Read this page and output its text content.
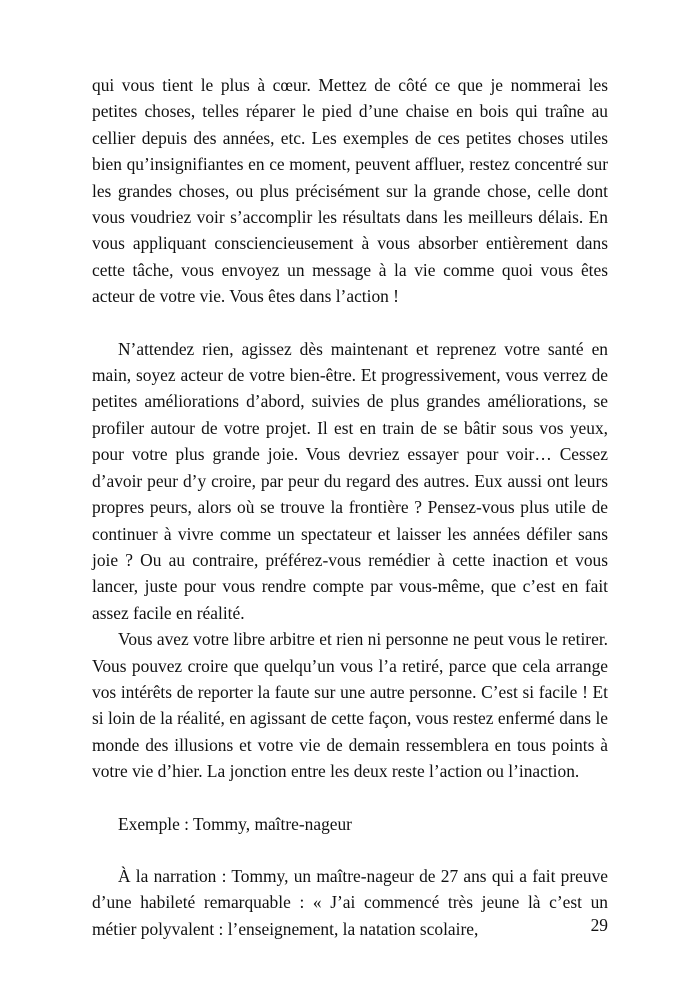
qui vous tient le plus à cœur. Mettez de côté ce que je nommerai les petites choses, telles réparer le pied d’une chaise en bois qui traîne au cellier depuis des années, etc. Les exemples de ces petites choses utiles bien qu’insignifiantes en ce moment, peuvent affluer, restez concentré sur les grandes choses, ou plus précisément sur la grande chose, celle dont vous voudriez voir s’accomplir les résultats dans les meilleurs délais. En vous appliquant consciencieusement à vous absorber entièrement dans cette tâche, vous envoyez un message à la vie comme quoi vous êtes acteur de votre vie. Vous êtes dans l’action !

N’attendez rien, agissez dès maintenant et reprenez votre santé en main, soyez acteur de votre bien-être. Et progressivement, vous verrez de petites améliorations d’abord, suivies de plus grandes améliorations, se profiler autour de votre projet. Il est en train de se bâtir sous vos yeux, pour votre plus grande joie. Vous devriez essayer pour voir… Cessez d’avoir peur d’y croire, par peur du regard des autres. Eux aussi ont leurs propres peurs, alors où se trouve la frontière ? Pensez-vous plus utile de continuer à vivre comme un spectateur et laisser les années défiler sans joie ? Ou au contraire, préférez-vous remédier à cette inaction et vous lancer, juste pour vous rendre compte par vous-même, que c’est en fait assez facile en réalité.

Vous avez votre libre arbitre et rien ni personne ne peut vous le retirer. Vous pouvez croire que quelqu’un vous l’a retiré, parce que cela arrange vos intérêts de reporter la faute sur une autre personne. C’est si facile ! Et si loin de la réalité, en agissant de cette façon, vous restez enfermé dans le monde des illusions et votre vie de demain ressemblera en tous points à votre vie d’hier. La jonction entre les deux reste l’action ou l’inaction.

Exemple : Tommy, maître-nageur

À la narration : Tommy, un maître-nageur de 27 ans qui a fait preuve d’une habileté remarquable : « J’ai commencé très jeune là c’est un métier polyvalent : l’enseignement, la natation scolaire,	29
